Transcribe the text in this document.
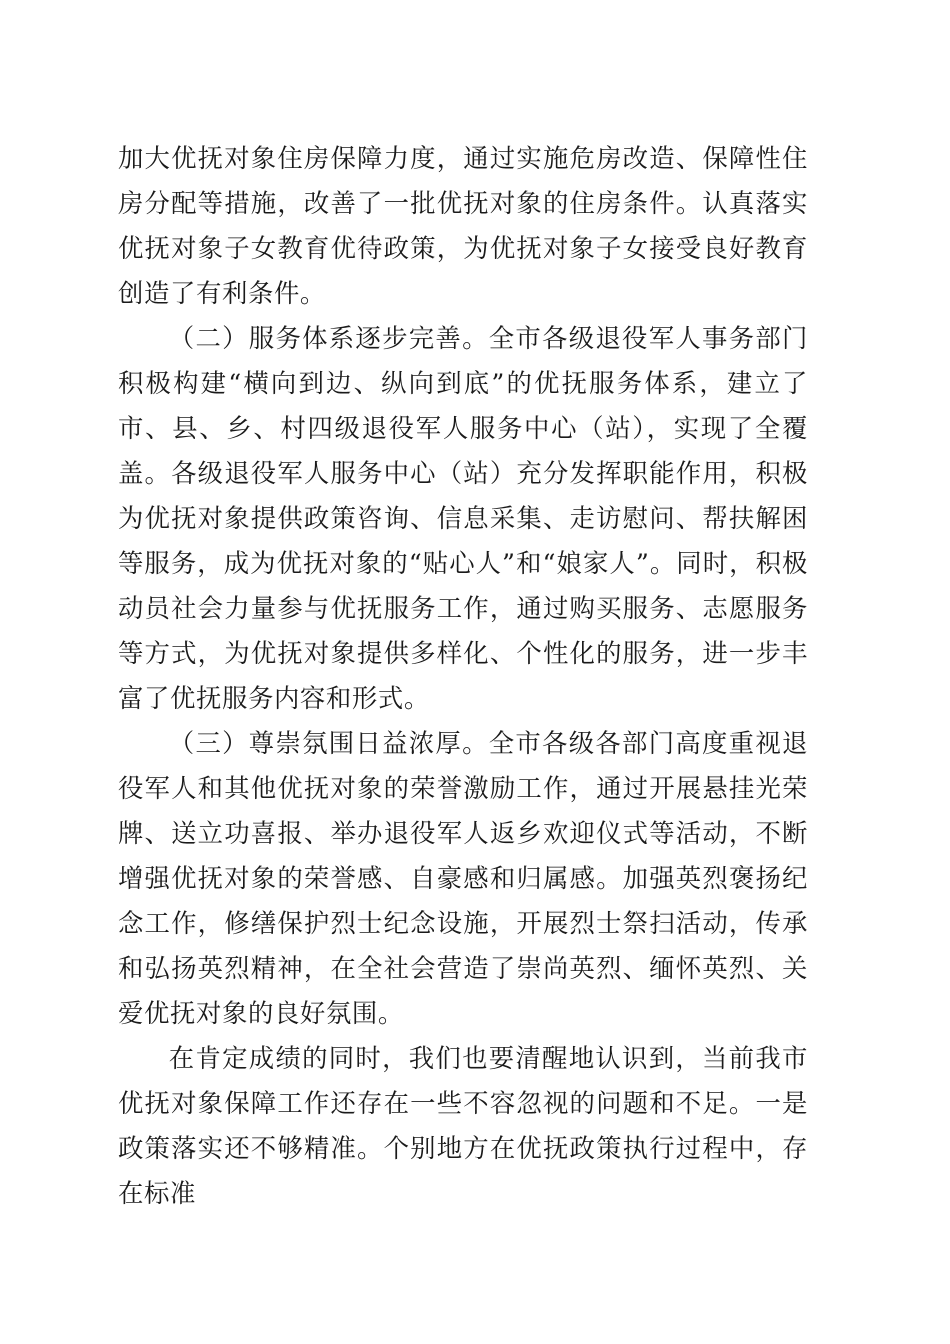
加大优抚对象住房保障力度，通过实施危房改造、保障性住房分配等措施，改善了一批优抚对象的住房条件。认真落实优抚对象子女教育优待政策，为优抚对象子女接受良好教育创造了有利条件。

（二）服务体系逐步完善。全市各级退役军人事务部门积极构建“横向到边、纵向到底”的优抚服务体系，建立了市、县、乡、村四级退役军人服务中心（站），实现了全覆盖。各级退役军人服务中心（站）充分发挥职能作用，积极为优抚对象提供政策咨询、信息采集、走访慰问、帮扶解困等服务，成为优抚对象的“贴心人”和“娘家人”。同时，积极动员社会力量参与优抚服务工作，通过购买服务、志愿服务等方式，为优抚对象提供多样化、个性化的服务，进一步丰富了优抚服务内容和形式。

（三）尊崇氛围日益浓厚。全市各级各部门高度重视退役军人和其他优抚对象的荣誉激励工作，通过开展悬挂光荣牌、送立功喜报、举办退役军人返乡欢迎仪式等活动，不断增强优抚对象的荣誉感、自豪感和归属感。加强英烈褒扬纪念工作，修缮保护烈士纪念设施，开展烈士祭扫活动，传承和弘扬英烈精神，在全社会营造了崇尚英烈、缅怀英烈、关爱优抚对象的良好氛围。

在肯定成绩的同时，我们也要清醒地认识到，当前我市优抚对象保障工作还存在一些不容忽视的问题和不足。一是政策落实还不够精准。个别地方在优抚政策执行过程中，存在标准
